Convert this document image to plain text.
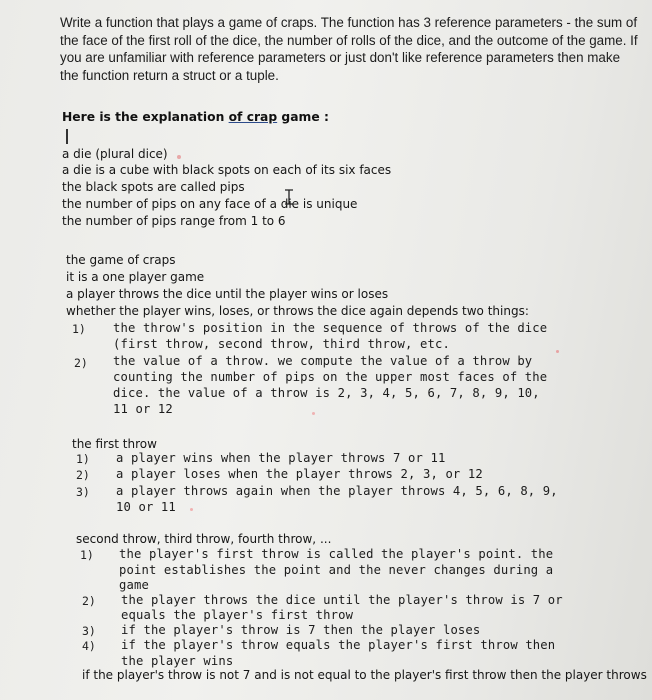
Write a function that plays a game of craps. The function has 3 reference parameters - the sum of the face of the first roll of the dice, the number of rolls of the dice, and the outcome of the game. If you are unfamiliar with reference parameters or just don't like reference parameters then make the function return a struct or a tuple.
Here is the explanation of crap game :
a die (plural dice)
a die is a cube with black spots on each of its six faces
the black spots are called pips
the number of pips on any face of a die is unique
the number of pips range from 1 to 6
the game of craps
it is a one player game
a player throws the dice until the player wins or loses
whether the player wins, loses, or throws the dice again depends two things:
1) the throw's position in the sequence of throws of the dice
(first throw, second throw, third throw, etc.
2) the value of a throw. we compute the value of a throw by
counting the number of pips on the upper most faces of the
dice. the value of a throw is 2, 3, 4, 5, 6, 7, 8, 9, 10,
11 or 12
the first throw
1) a player wins when the player throws 7 or 11
2) a player loses when the player throws 2, 3, or 12
3) a player throws again when the player throws 4, 5, 6, 8, 9,
10 or 11
second throw, third throw, fourth throw, ...
1) the player's first throw is called the player's point. the
point establishes the point and the never changes during a
game
2) the player throws the dice until the player's throw is 7 or
equals the player's first throw
3) if the player's throw is 7 then the player loses
4) if the player's throw equals the player's first throw then
the player wins
if the player's throw is not 7 and is not equal to the player's first throw then the player throws
